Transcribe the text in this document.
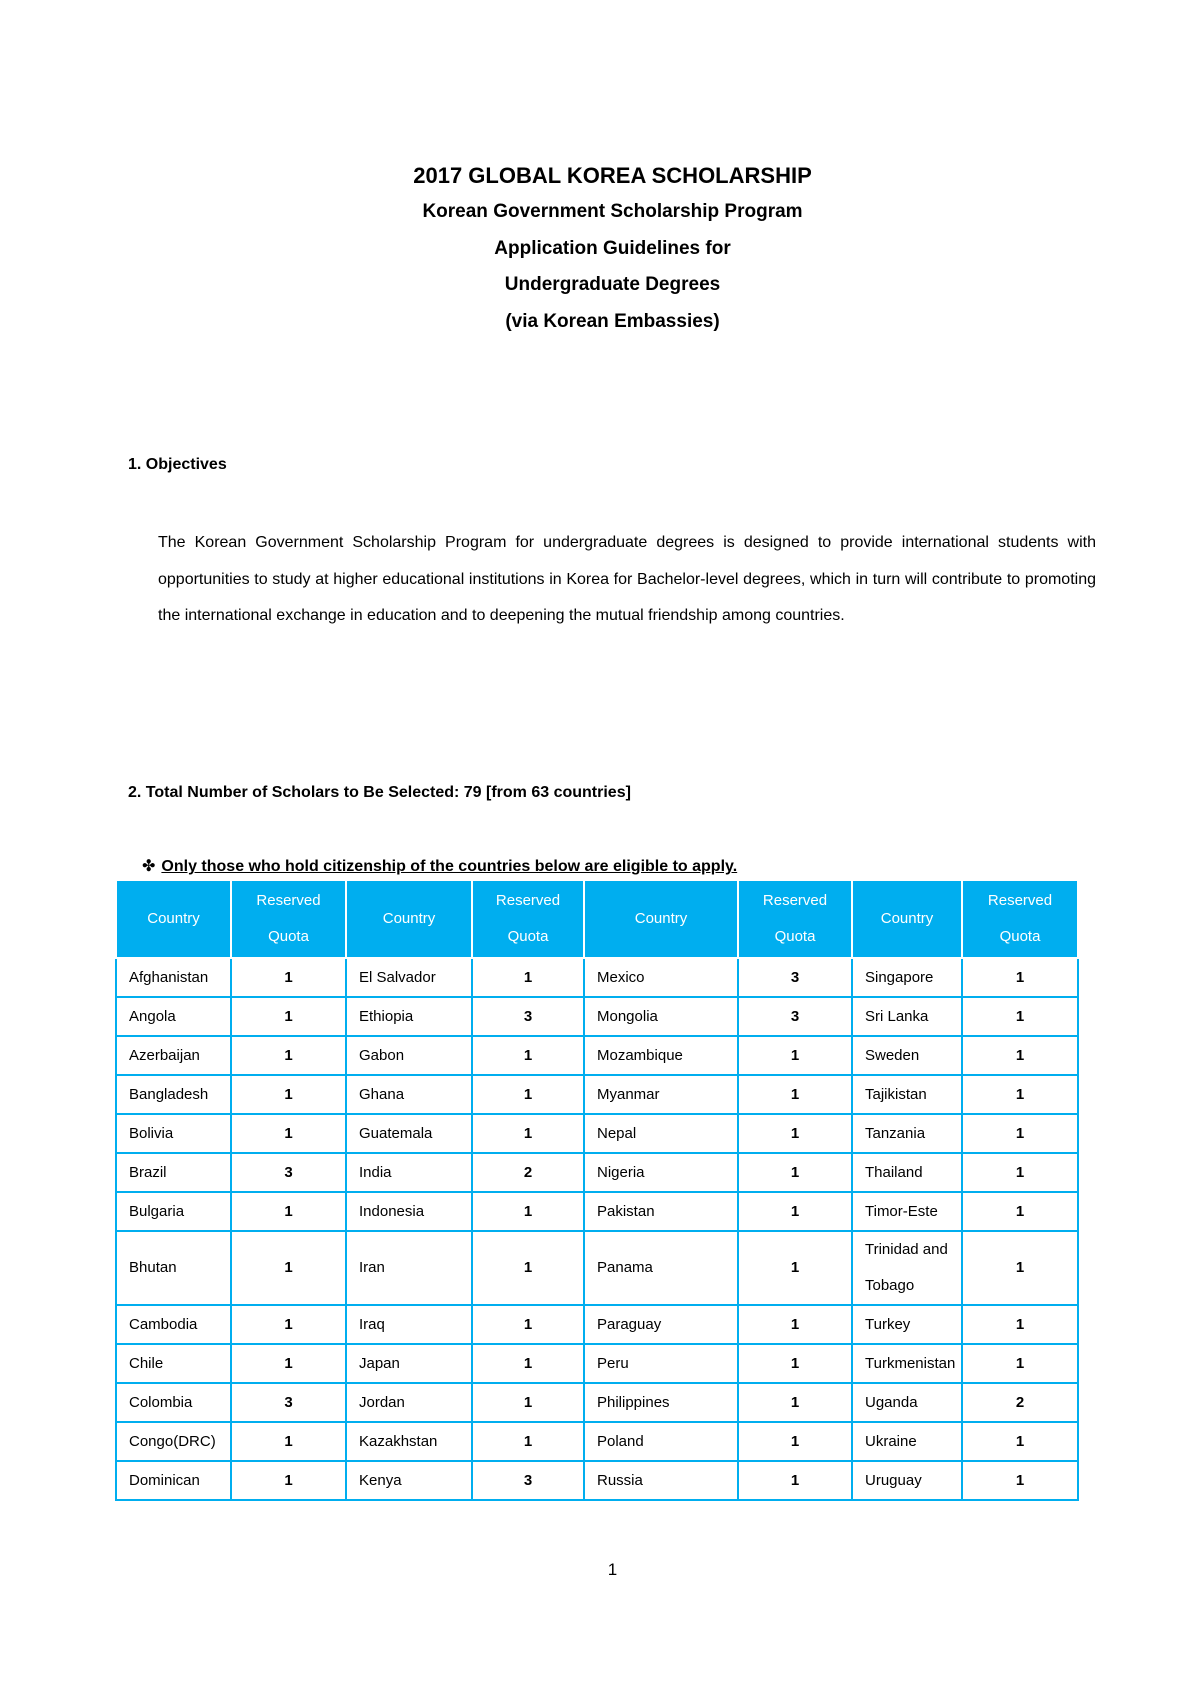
2017 GLOBAL KOREA SCHOLARSHIP
Korean Government Scholarship Program
Application Guidelines for
Undergraduate Degrees
(via Korean Embassies)
1. Objectives
The Korean Government Scholarship Program for undergraduate degrees is designed to provide international students with opportunities to study at higher educational institutions in Korea for Bachelor-level degrees, which in turn will contribute to promoting the international exchange in education and to deepening the mutual friendship among countries.
2. Total Number of Scholars to Be Selected: 79 [from 63 countries]
✤ Only those who hold citizenship of the countries below are eligible to apply.
Country	Reserved Quota	Country	Reserved Quota	Country	Reserved Quota	Country	Reserved Quota
Afghanistan	1	El Salvador	1	Mexico	3	Singapore	1
Angola	1	Ethiopia	3	Mongolia	3	Sri Lanka	1
Azerbaijan	1	Gabon	1	Mozambique	1	Sweden	1
Bangladesh	1	Ghana	1	Myanmar	1	Tajikistan	1
Bolivia	1	Guatemala	1	Nepal	1	Tanzania	1
Brazil	3	India	2	Nigeria	1	Thailand	1
Bulgaria	1	Indonesia	1	Pakistan	1	Timor-Este	1
Bhutan	1	Iran	1	Panama	1	Trinidad and Tobago	1
Cambodia	1	Iraq	1	Paraguay	1	Turkey	1
Chile	1	Japan	1	Peru	1	Turkmenistan	1
Colombia	3	Jordan	1	Philippines	1	Uganda	2
Congo(DRC)	1	Kazakhstan	1	Poland	1	Ukraine	1
Dominican	1	Kenya	3	Russia	1	Uruguay	1
1
